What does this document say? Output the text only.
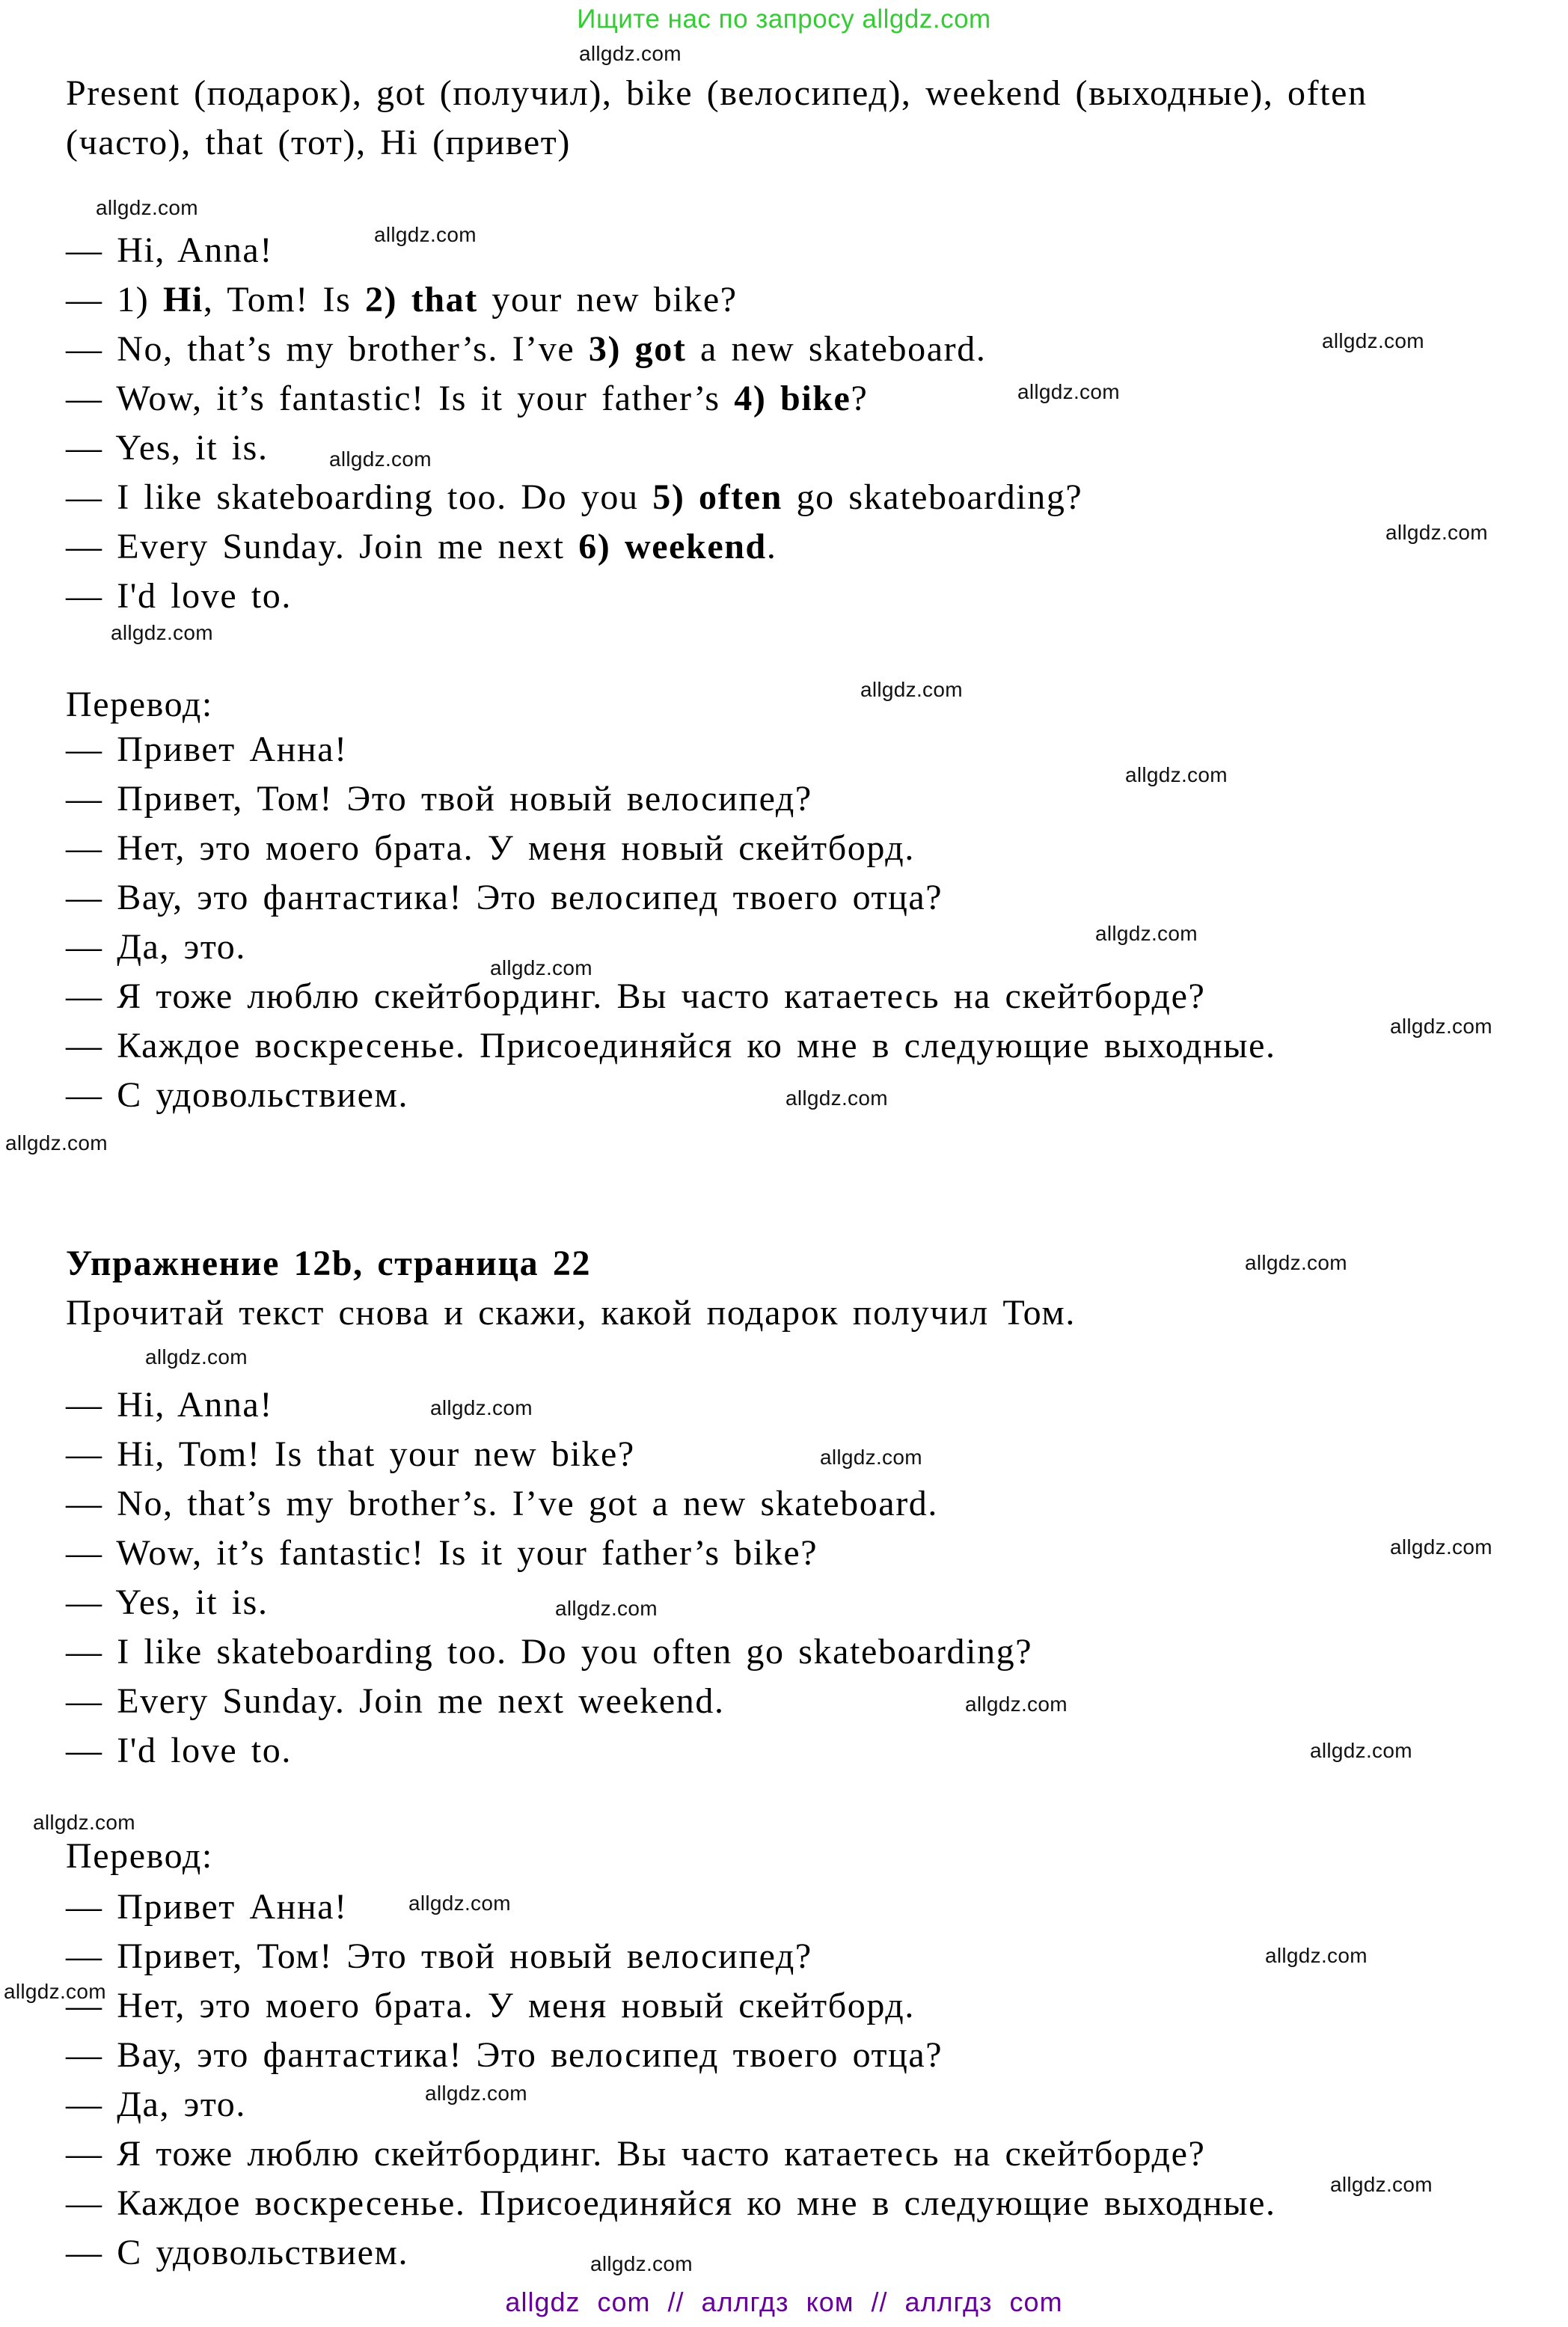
Ищите нас по запросу allgdz.com
allgdz.com
allgdz.com
allgdz.com
allgdz.com
allgdz.com
allgdz.com
allgdz.com
allgdz.com
allgdz.com
allgdz.com
allgdz.com
allgdz.com
allgdz.com
allgdz.com
allgdz.com
allgdz.com
allgdz.com
allgdz.com
allgdz.com
allgdz.com
allgdz.com
allgdz.com
allgdz.com
allgdz.com
allgdz.com
allgdz.com
allgdz.com
allgdz.com
allgdz.com
allgdz.com
Present (подарок), got (получил), bike (велосипед), weekend (выходные), often
(часто), that (тот), Hi (привет)
— Hi, Anna!
— 1) Hi, Tom! Is 2) that your new bike?
— No, that’s my brother’s. I’ve 3) got a new skateboard.
— Wow, it’s fantastic! Is it your father’s 4) bike?
— Yes, it is.
— I like skateboarding too. Do you 5) often go skateboarding?
— Every Sunday. Join me next 6) weekend.
— I'd love to.
Перевод:
— Привет Анна!
— Привет, Том! Это твой новый велосипед?
— Нет, это моего брата. У меня новый скейтборд.
— Вау, это фантастика! Это велосипед твоего отца?
— Да, это.
— Я тоже люблю скейтбординг. Вы часто катаетесь на скейтборде?
— Каждое воскресенье. Присоединяйся ко мне в следующие выходные.
— С удовольствием.
Упражнение 12b, страница 22
Прочитай текст снова и скажи, какой подарок получил Том.
— Hi, Anna!
— Hi, Tom! Is that your new bike?
— No, that’s my brother’s. I’ve got a new skateboard.
— Wow, it’s fantastic! Is it your father’s bike?
— Yes, it is.
— I like skateboarding too. Do you often go skateboarding?
— Every Sunday. Join me next weekend.
— I'd love to.
Перевод:
— Привет Анна!
— Привет, Том! Это твой новый велосипед?
— Нет, это моего брата. У меня новый скейтборд.
— Вау, это фантастика! Это велосипед твоего отца?
— Да, это.
— Я тоже люблю скейтбординг. Вы часто катаетесь на скейтборде?
— Каждое воскресенье. Присоединяйся ко мне в следующие выходные.
— С удовольствием.
allgdz com // аллгдз ком // аллгдз com
